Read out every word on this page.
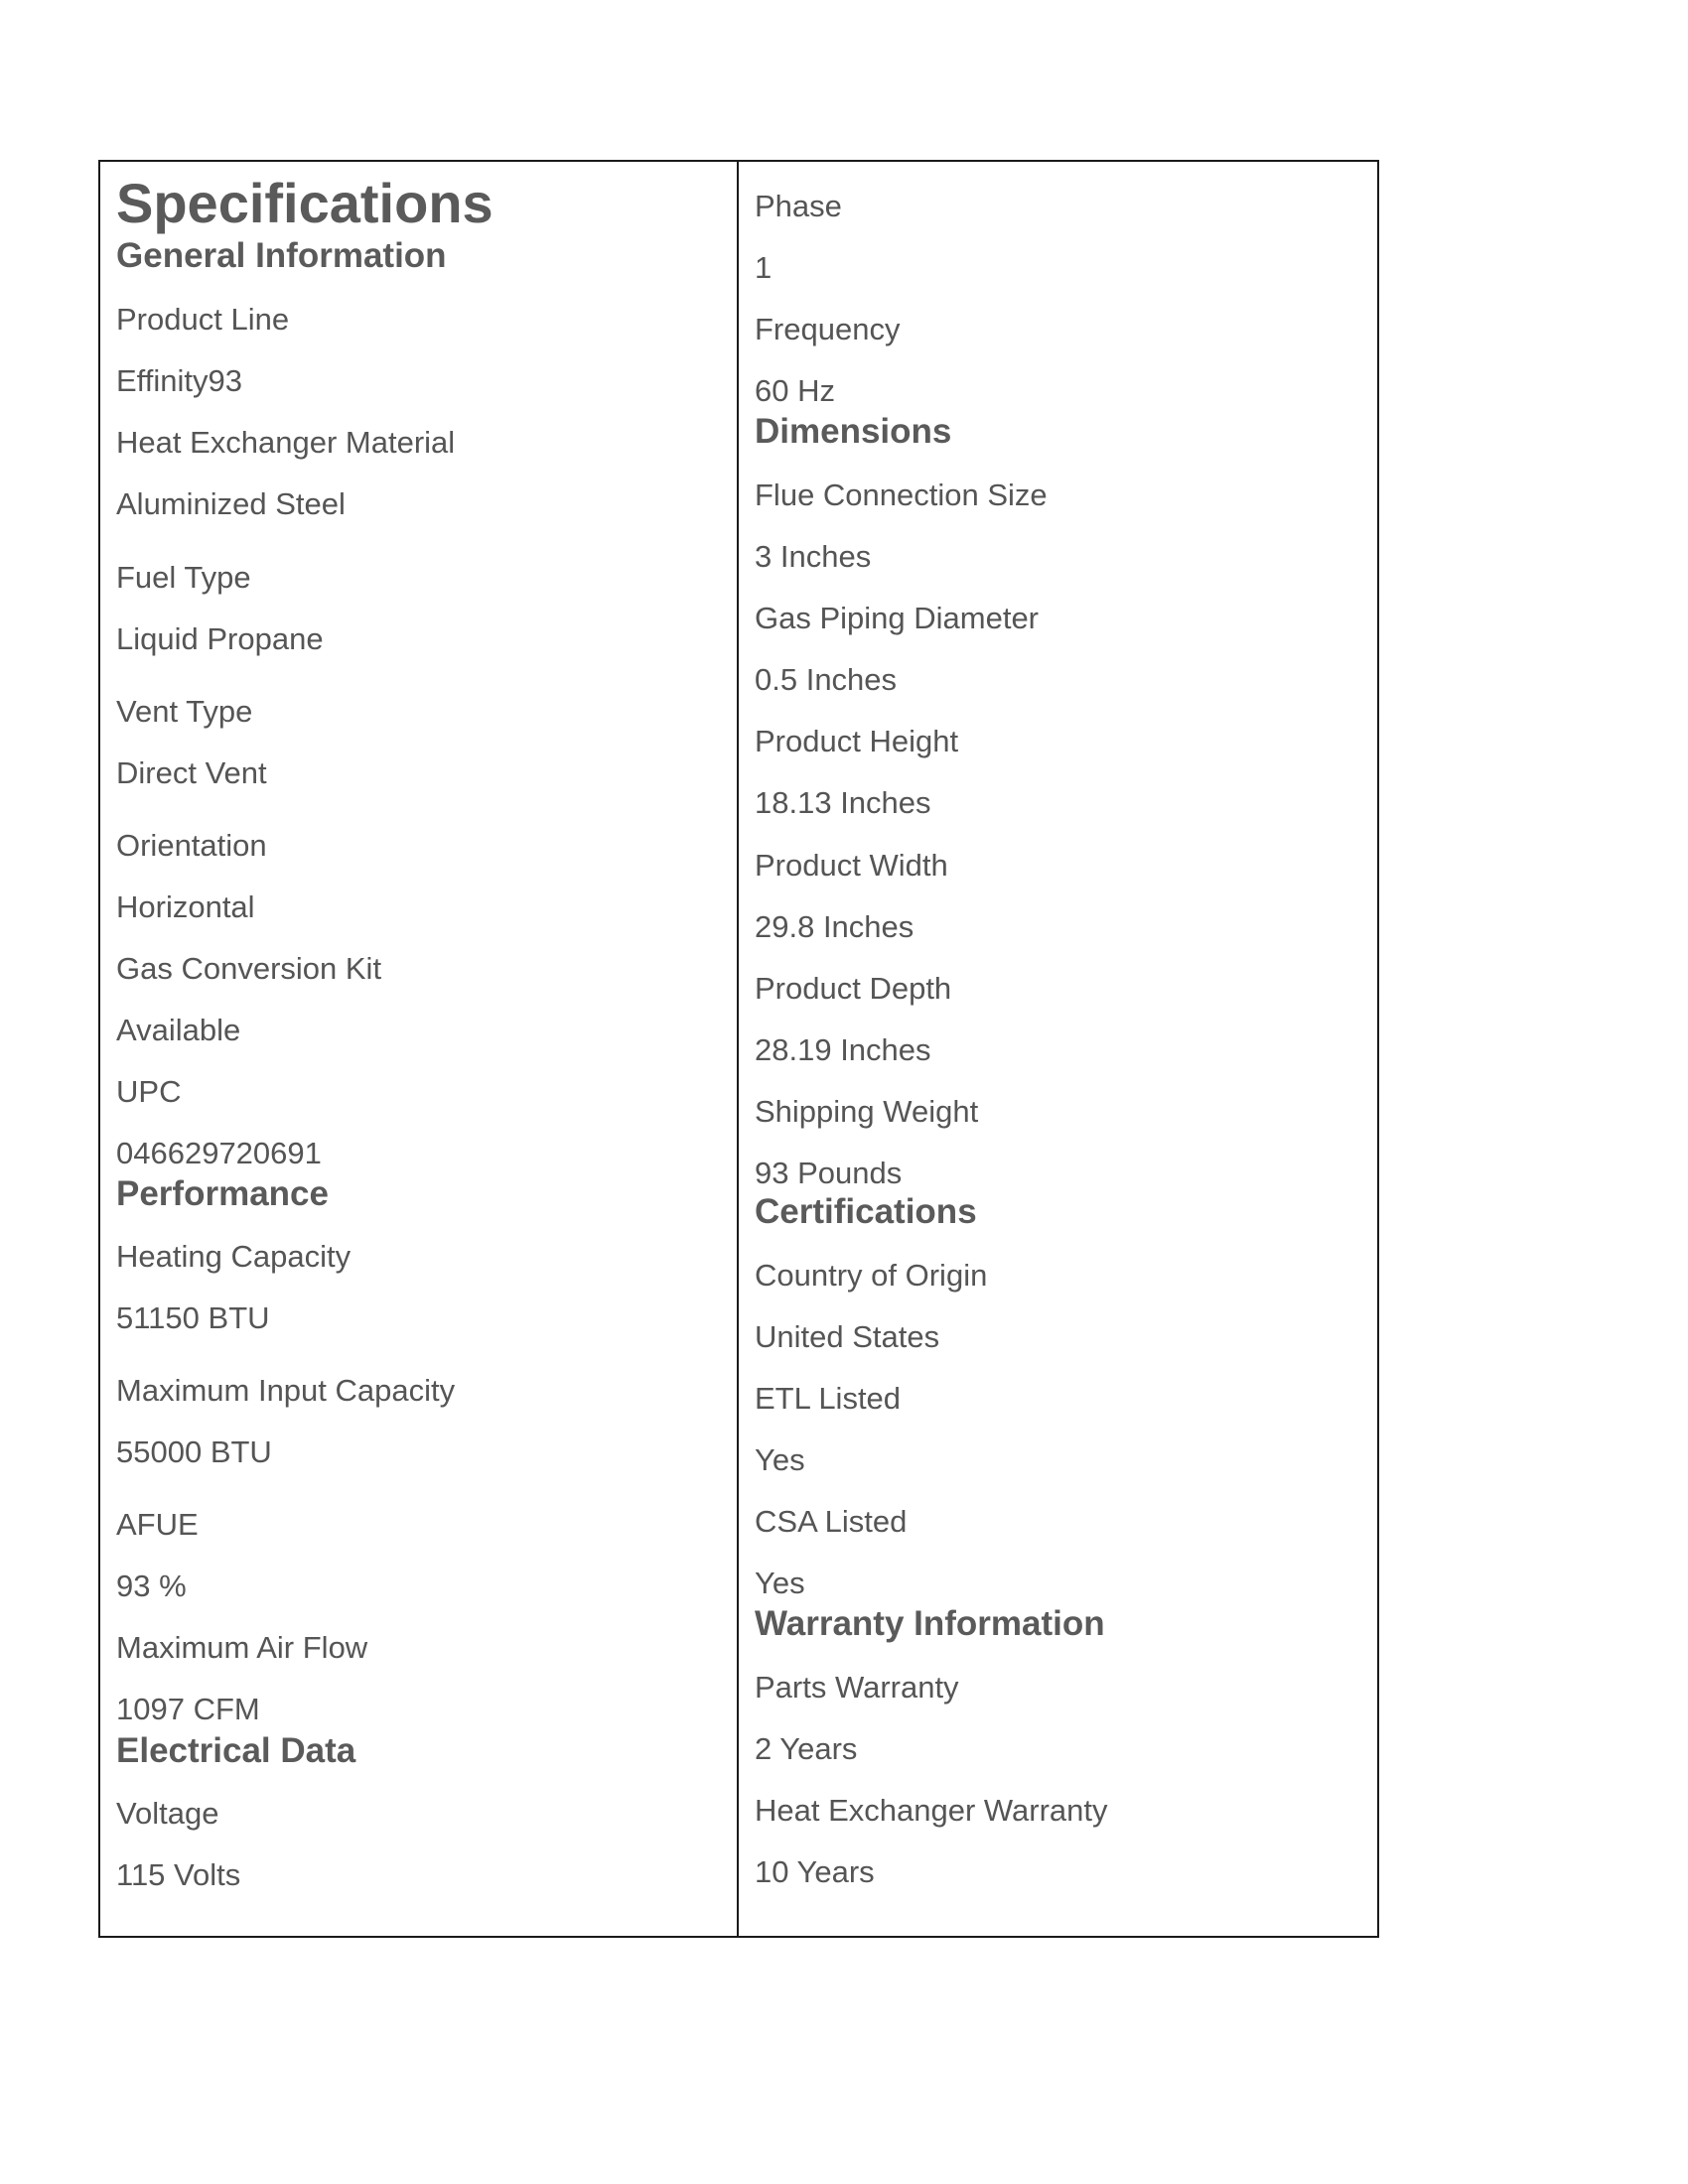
Specifications
General Information
Product Line
Effinity93
Heat Exchanger Material
Aluminized Steel
Fuel Type
Liquid Propane
Vent Type
Direct Vent
Orientation
Horizontal
Gas Conversion Kit
Available
UPC
046629720691
Performance
Heating Capacity
51150 BTU
Maximum Input Capacity
55000 BTU
AFUE
93 %
Maximum Air Flow
1097 CFM
Electrical Data
Voltage
115 Volts
Phase
1
Frequency
60 Hz
Dimensions
Flue Connection Size
3 Inches
Gas Piping Diameter
0.5 Inches
Product Height
18.13 Inches
Product Width
29.8 Inches
Product Depth
28.19 Inches
Shipping Weight
93 Pounds
Certifications
Country of Origin
United States
ETL Listed
Yes
CSA Listed
Yes
Warranty Information
Parts Warranty
2 Years
Heat Exchanger Warranty
10 Years
